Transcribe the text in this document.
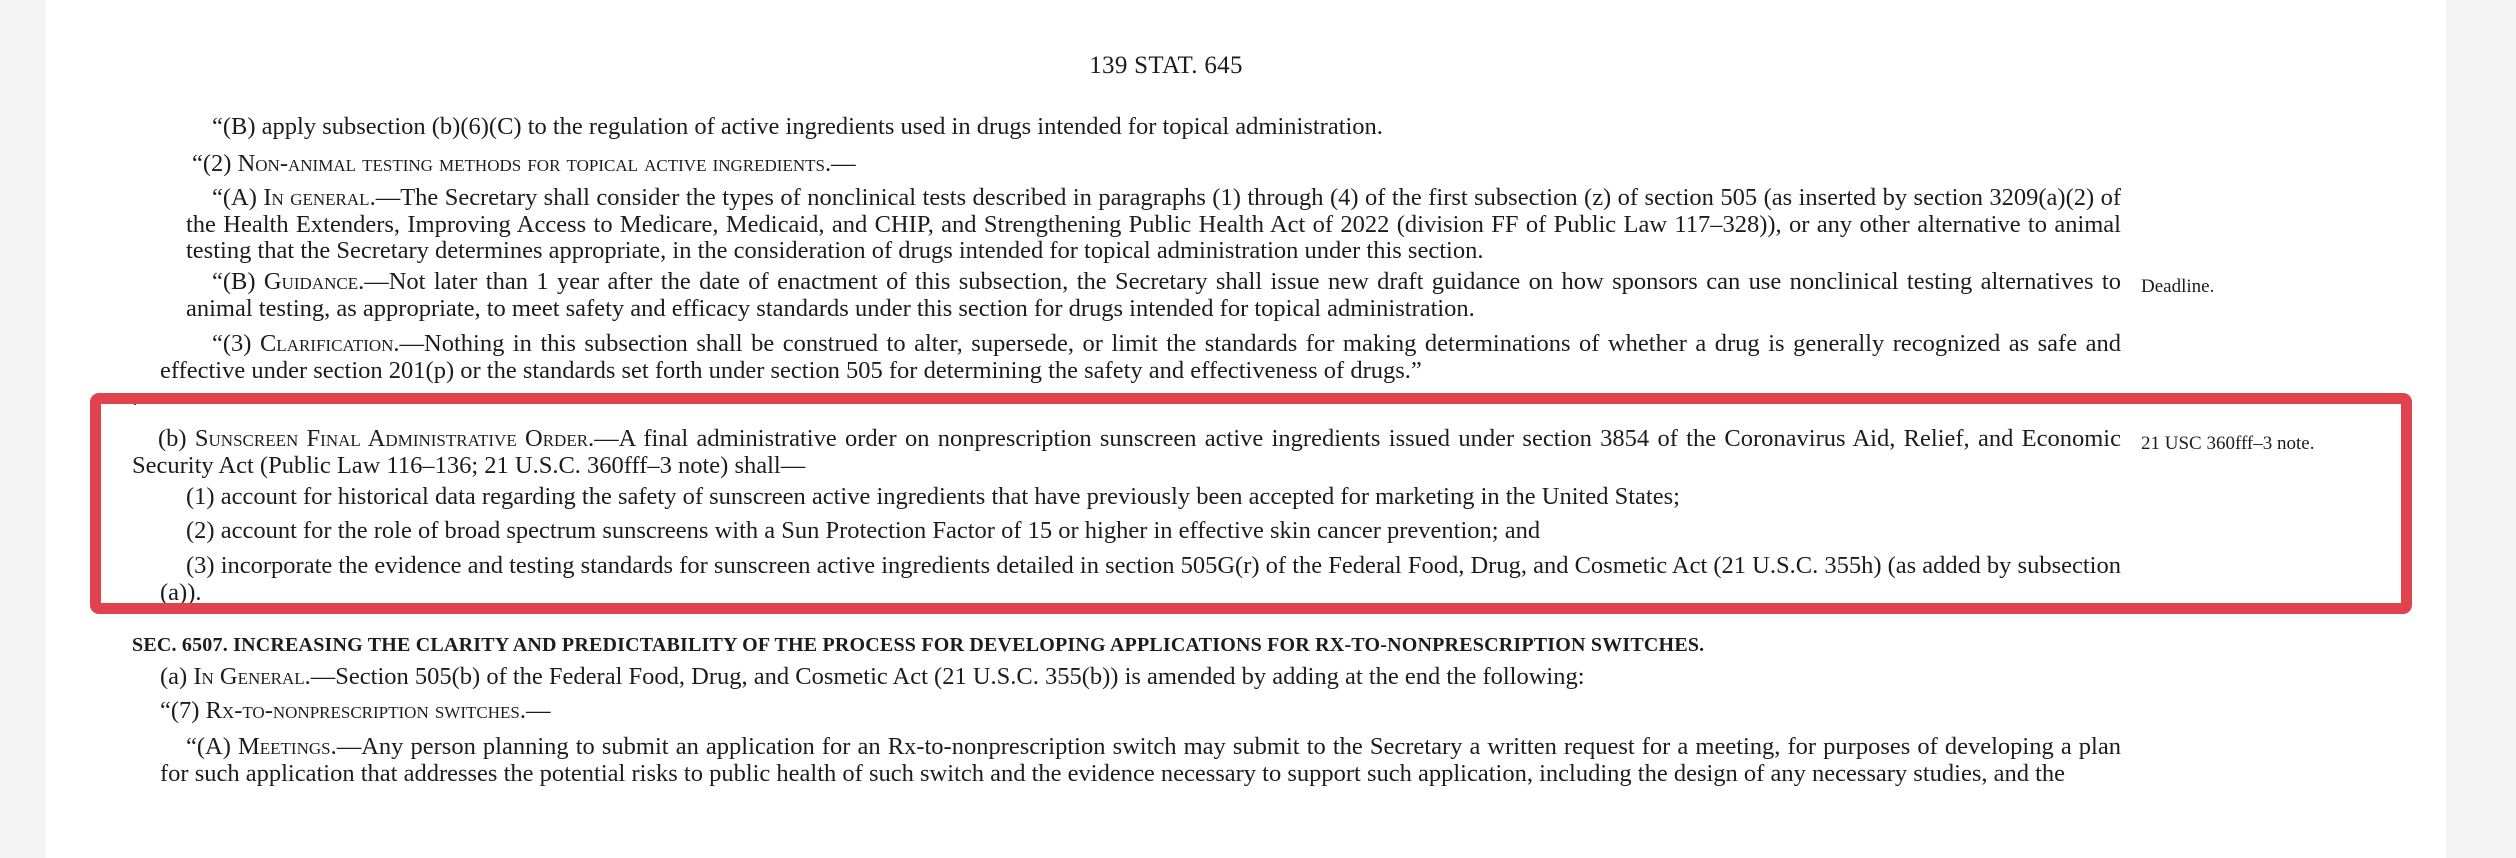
139 STAT. 645

“(B) apply subsection (b)(6)(C) to the regulation of active ingredients used in drugs intended for topical administration.

“(2) Non-animal testing methods for topical active ingredients.—

“(A) In general.—The Secretary shall consider the types of nonclinical tests described in paragraphs (1) through (4) of the first subsection (z) of section 505 (as inserted by section 3209(a)(2) of the Health Extenders, Improving Access to Medicare, Medicaid, and CHIP, and Strengthening Public Health Act of 2022 (division FF of Public Law 117–328)), or any other alternative to animal testing that the Secretary determines appropriate, in the consideration of drugs intended for topical administration under this section.

“(B) Guidance.—Not later than 1 year after the date of enactment of this subsection, the Secretary shall issue new draft guidance on how sponsors can use nonclinical testing alternatives to animal testing, as appropriate, to meet safety and efficacy standards under this section for drugs intended for topical administration.

Deadline.

“(3) Clarification.—Nothing in this subsection shall be construed to alter, supersede, or limit the standards for making determinations of whether a drug is generally recognized as safe and effective under section 201(p) or the standards set forth under section 505 for determining the safety and effectiveness of drugs.”

·

(b) Sunscreen Final Administrative Order.—A final administrative order on nonprescription sunscreen active ingredients issued under section 3854 of the Coronavirus Aid, Relief, and Economic Security Act (Public Law 116–136; 21 U.S.C. 360fff–3 note) shall—

21 USC 360fff–3 note.

(1) account for historical data regarding the safety of sunscreen active ingredients that have previously been accepted for marketing in the United States;

(2) account for the role of broad spectrum sunscreens with a Sun Protection Factor of 15 or higher in effective skin cancer prevention; and

(3) incorporate the evidence and testing standards for sunscreen active ingredients detailed in section 505G(r) of the Federal Food, Drug, and Cosmetic Act (21 U.S.C. 355h) (as added by subsection (a)).

SEC. 6507. INCREASING THE CLARITY AND PREDICTABILITY OF THE PROCESS FOR DEVELOPING APPLICATIONS FOR RX-TO-NONPRESCRIPTION SWITCHES.

(a) In General.—Section 505(b) of the Federal Food, Drug, and Cosmetic Act (21 U.S.C. 355(b)) is amended by adding at the end the following:

“(7) Rx-to-nonprescription switches.—

“(A) Meetings.—Any person planning to submit an application for an Rx-to-nonprescription switch may submit to the Secretary a written request for a meeting, for purposes of developing a plan for such application that addresses the potential risks to public health of such switch and the evidence necessary to support such application, including the design of any necessary studies, and the
